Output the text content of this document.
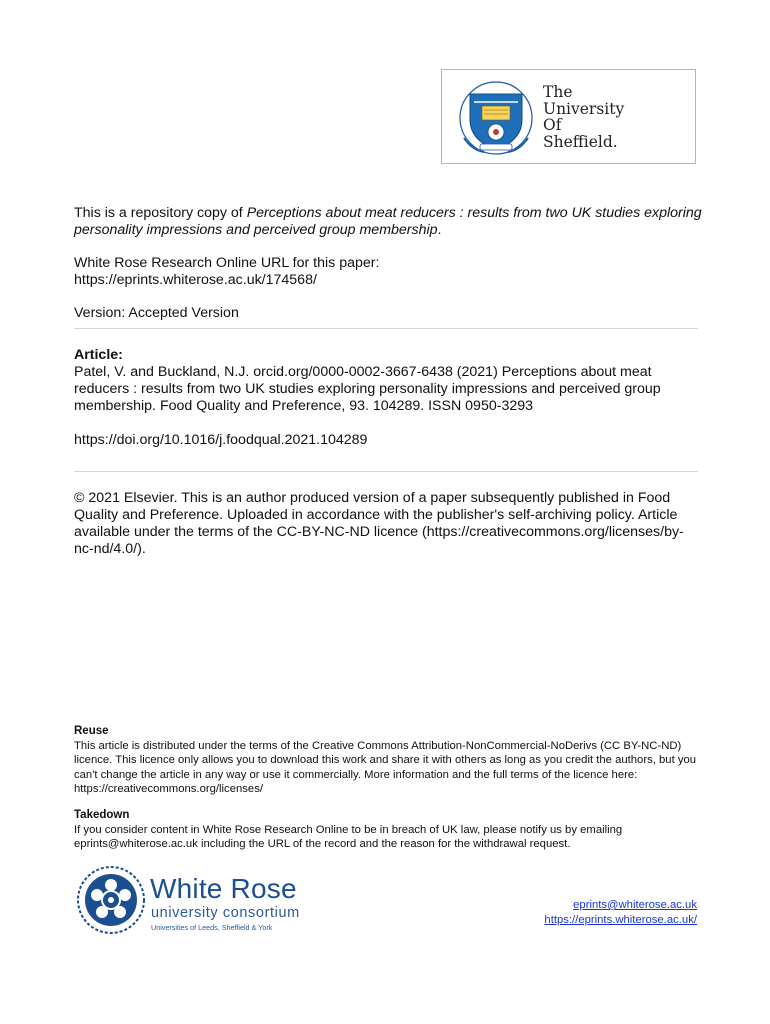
The
University
Of
Sheffield.
This is a repository copy of Perceptions about meat reducers : results from two UK studies exploring personality impressions and perceived group membership.
White Rose Research Online URL for this paper:
https://eprints.whiterose.ac.uk/174568/
Version: Accepted Version
Article:
Patel, V. and Buckland, N.J. orcid.org/0000-0002-3667-6438 (2021) Perceptions about meat reducers : results from two UK studies exploring personality impressions and perceived group membership. Food Quality and Preference, 93. 104289. ISSN 0950-3293
https://doi.org/10.1016/j.foodqual.2021.104289
© 2021 Elsevier. This is an author produced version of a paper subsequently published in Food Quality and Preference. Uploaded in accordance with the publisher's self-archiving policy. Article available under the terms of the CC-BY-NC-ND licence (https://creativecommons.org/licenses/by-nc-nd/4.0/).
Reuse
This article is distributed under the terms of the Creative Commons Attribution-NonCommercial-NoDerivs (CC BY-NC-ND) licence. This licence only allows you to download this work and share it with others as long as you credit the authors, but you can't change the article in any way or use it commercially. More information and the full terms of the licence here: https://creativecommons.org/licenses/
Takedown
If you consider content in White Rose Research Online to be in breach of UK law, please notify us by emailing eprints@whiterose.ac.uk including the URL of the record and the reason for the withdrawal request.
White Rose
university consortium
Universities of Leeds, Sheffield & York
eprints@whiterose.ac.uk
https://eprints.whiterose.ac.uk/
